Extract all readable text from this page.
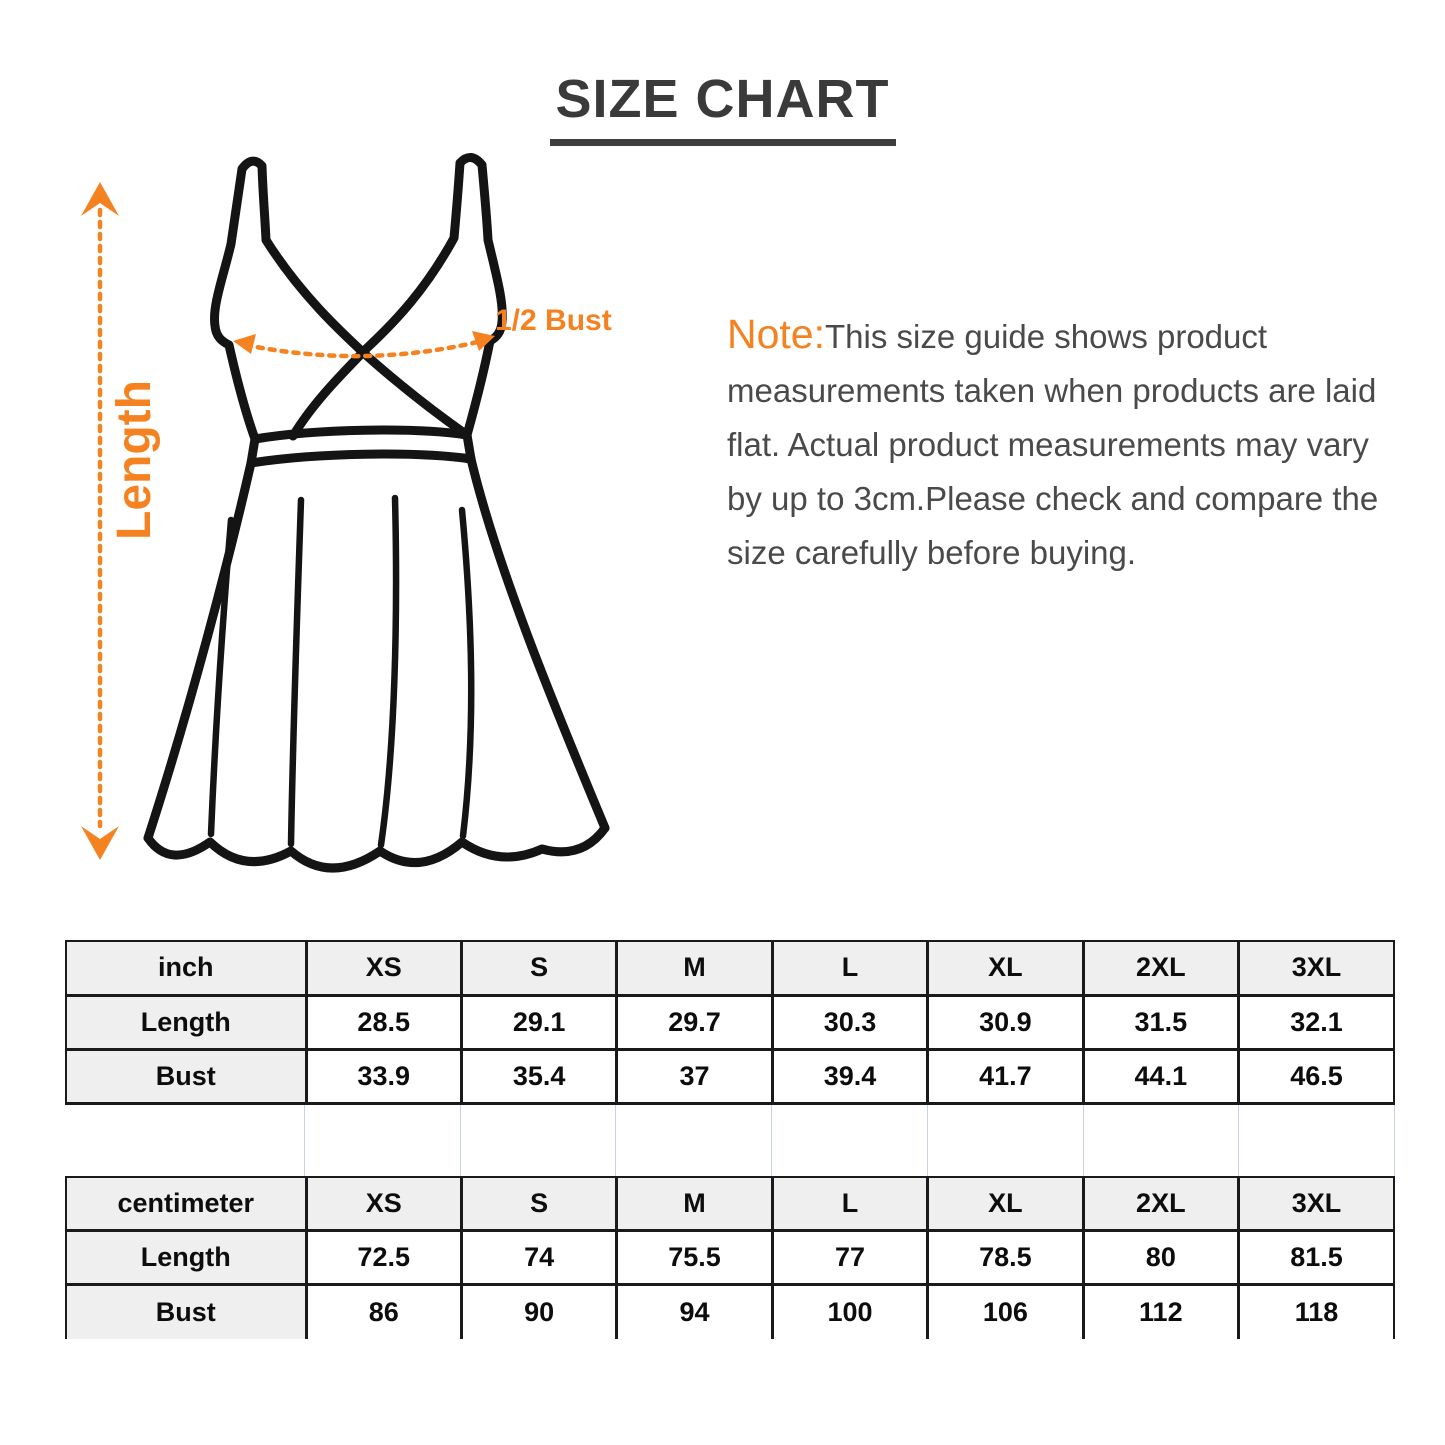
SIZE CHART
Length
1/2 Bust	Note:This size guide shows product measurements taken when products are laid flat. Actual product measurements may vary by up to 3cm.Please check and compare the size carefully before buying.

inch	XS	S	M	L	XL	2XL	3XL
Length	28.5	29.1	29.7	30.3	30.9	31.5	32.1
Bust	33.9	35.4	37	39.4	41.7	44.1	46.5
centimeter	XS	S	M	L	XL	2XL	3XL
Length	72.5	74	75.5	77	78.5	80	81.5
Bust	86	90	94	100	106	112	118
